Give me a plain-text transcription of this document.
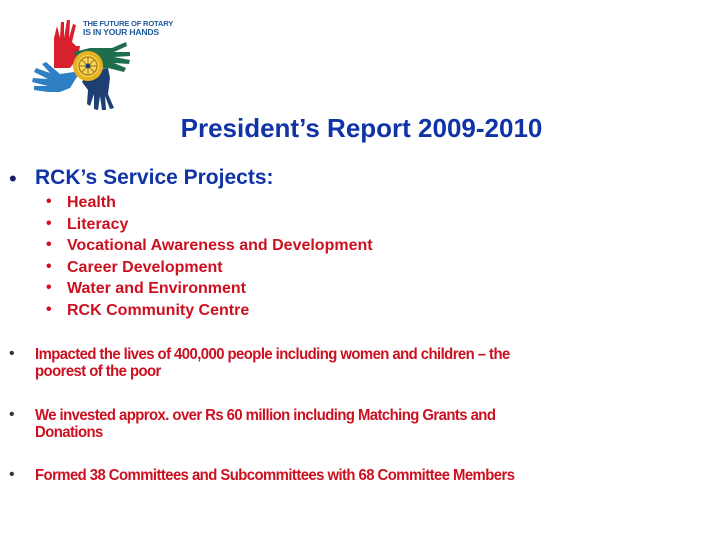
THE FUTURE OF ROTARY
IS IN YOUR HANDS
President’s Report 2009-2010
• RCK’s Service Projects:
• Health
• Literacy
• Vocational Awareness and Development
• Career Development
• Water and Environment
• RCK Community Centre
• Impacted the lives of 400,000 people including women and children – the
poorest of the poor
• We invested approx. over Rs 60 million including Matching Grants and
Donations
• Formed 38 Committees and Subcommittees with 68 Committee Members
